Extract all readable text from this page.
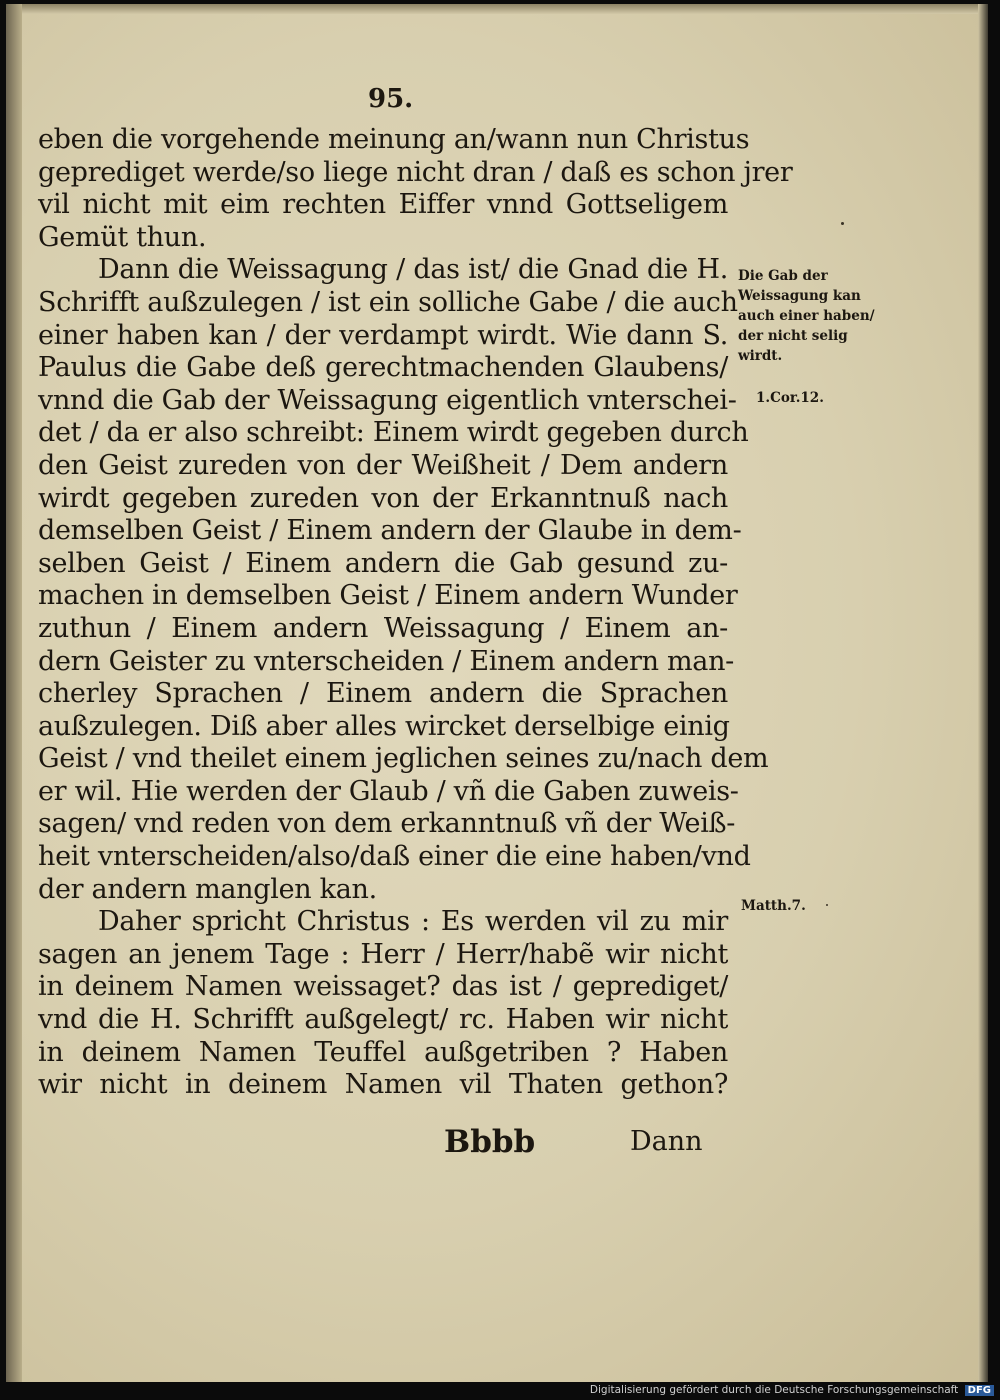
95.
eben die vorgehende meinung an/wann nun Christus
geprediget werde/so liege nicht dran / daß es schon jrer
vil nicht mit eim rechten Eiffer vnnd Gottseligem
Gemüt thun.
Dann die Weissagung / das ist/ die Gnad die H.
Schrifft außzulegen / ist ein solliche Gabe / die auch
einer haben kan / der verdampt wirdt. Wie dann S.
Paulus die Gabe deß gerechtmachenden Glaubens/
vnnd die Gab der Weissagung eigentlich vnterschei-
det / da er also schreibt: Einem wirdt gegeben durch
den Geist zureden von der Weißheit / Dem andern
wirdt gegeben zureden von der Erkanntnuß nach
demselben Geist / Einem andern der Glaube in dem-
selben Geist / Einem andern die Gab gesund zu-
machen in demselben Geist / Einem andern Wunder
zuthun / Einem andern Weissagung / Einem an-
dern Geister zu vnterscheiden / Einem andern man-
cherley Sprachen / Einem andern die Sprachen
außzulegen. Diß aber alles wircket derselbige einig
Geist / vnd theilet einem jeglichen seines zu/nach dem
er wil. Hie werden der Glaub / vñ die Gaben zuweis-
sagen/ vnd reden von dem erkanntnuß vñ der Weiß-
heit vnterscheiden/also/daß einer die eine haben/vnd
der andern manglen kan.
Daher spricht Christus : Es werden vil zu mir
sagen an jenem Tage : Herr / Herr/habẽ wir nicht
in deinem Namen weissaget? das ist / geprediget/
vnd die H. Schrifft außgelegt/ rc. Haben wir nicht
in deinem Namen Teuffel außgetriben ? Haben
wir nicht in deinem Namen vil Thaten gethon?
Die Gab der
Weissagung kan
auch einer haben/
der nicht selig
wirdt.
1.Cor.12.
Matth.7.
Bbbb	Dann
Digitalisierung gefördert durch die Deutsche Forschungsgemeinschaft DFG
